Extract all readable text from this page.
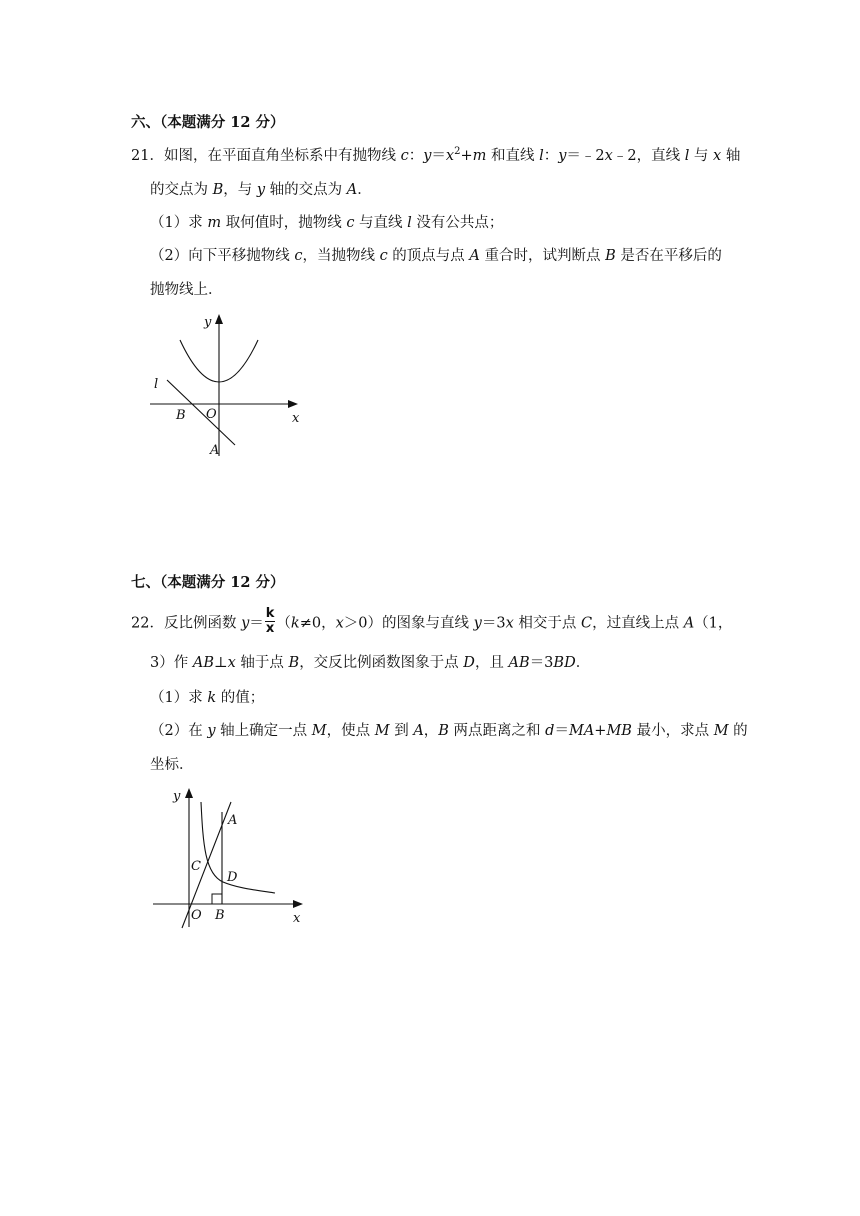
六、（本题满分 12 分）
21．如图，在平面直角坐标系中有抛物线 c：$y=x^2+m$ 和直线 l：y＝﹣2x﹣2，直线 l 与 x 轴
的交点为 B，与 y 轴的交点为 A．
（1）求 m 取何值时，抛物线 c 与直线 l 没有公共点；
（2）向下平移抛物线 c，当抛物线 c 的顶点与点 A 重合时，试判断点 B 是否在平移后的
抛物线上．
y
x
l
B O
A
七、（本题满分 12 分）
22．反比例函数 $y= \frac{k}{x} (k\ne 0$，x＞0）的图象与直线 y＝3x 相交于点 C，过直线上点 A（1，
3）作 AB⊥x 轴于点 B，交反比例函数图象于点 D，且 AB＝3BD．
（1）求 k 的值；
（2）在 y 轴上确定一点 M，使点 M 到 A，B 两点距离之和 d＝MA+MB 最小，求点 M 的
坐标．
y
x
A
C
D
O B
